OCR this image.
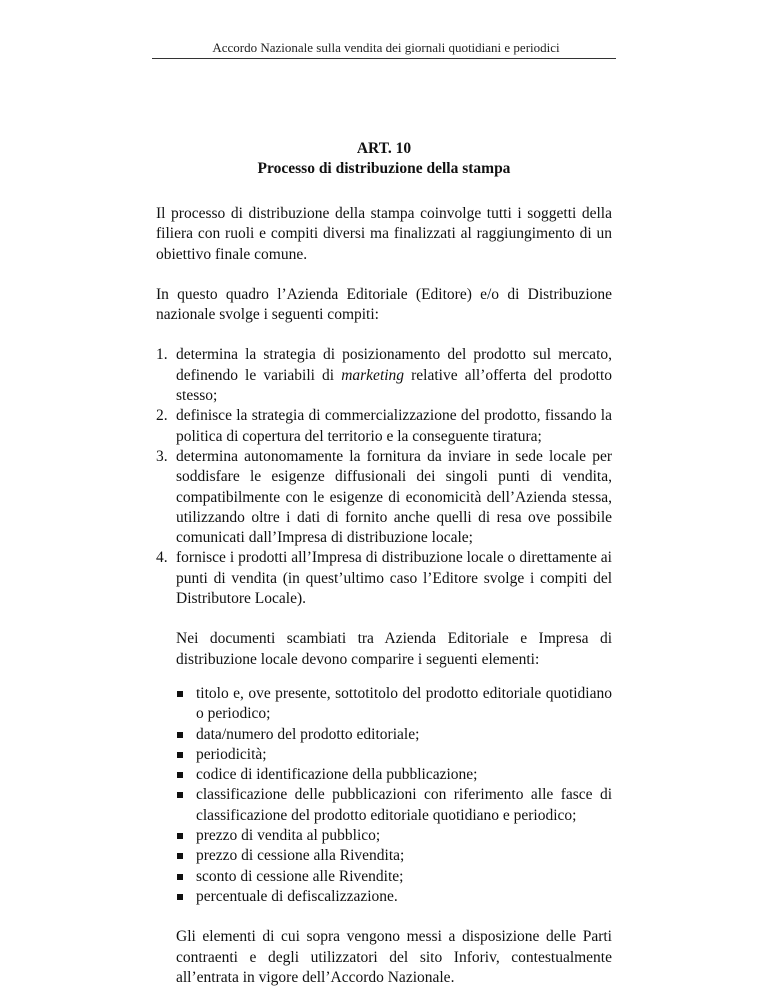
Accordo Nazionale sulla vendita dei giornali quotidiani e periodici
ART. 10
Processo di distribuzione della stampa

Il processo di distribuzione della stampa coinvolge tutti i soggetti della filiera con ruoli e compiti diversi ma finalizzati al raggiungimento di un obiettivo finale comune.

In questo quadro l’Azienda Editoriale (Editore) e/o di Distribuzione nazionale svolge i seguenti compiti:

1. determina la strategia di posizionamento del prodotto sul mercato, definendo le variabili di marketing relative all’offerta del prodotto stesso;
2. definisce la strategia di commercializzazione del prodotto, fissando la politica di copertura del territorio e la conseguente tiratura;
3. determina autonomamente la fornitura da inviare in sede locale per soddisfare le esigenze diffusionali dei singoli punti di vendita, compatibilmente con le esigenze di economicità dell’Azienda stessa, utilizzando oltre i dati di fornito anche quelli di resa ove possibile comunicati dall’Impresa di distribuzione locale;
4. fornisce i prodotti all’Impresa di distribuzione locale o direttamente ai punti di vendita (in quest’ultimo caso l’Editore svolge i compiti del Distributore Locale).

Nei documenti scambiati tra Azienda Editoriale e Impresa di distribuzione locale devono comparire i seguenti elementi:

titolo e, ove presente, sottotitolo del prodotto editoriale quotidiano o periodico;
data/numero del prodotto editoriale;
periodicità;
codice di identificazione della pubblicazione;
classificazione delle pubblicazioni con riferimento alle fasce di classificazione del prodotto editoriale quotidiano e periodico;
prezzo di vendita al pubblico;
prezzo di cessione alla Rivendita;
sconto di cessione alle Rivendite;
percentuale di defiscalizzazione.

Gli elementi di cui sopra vengono messi a disposizione delle Parti contraenti e degli utilizzatori del sito Inforiv, contestualmente all’entrata in vigore dell’Accordo Nazionale.
